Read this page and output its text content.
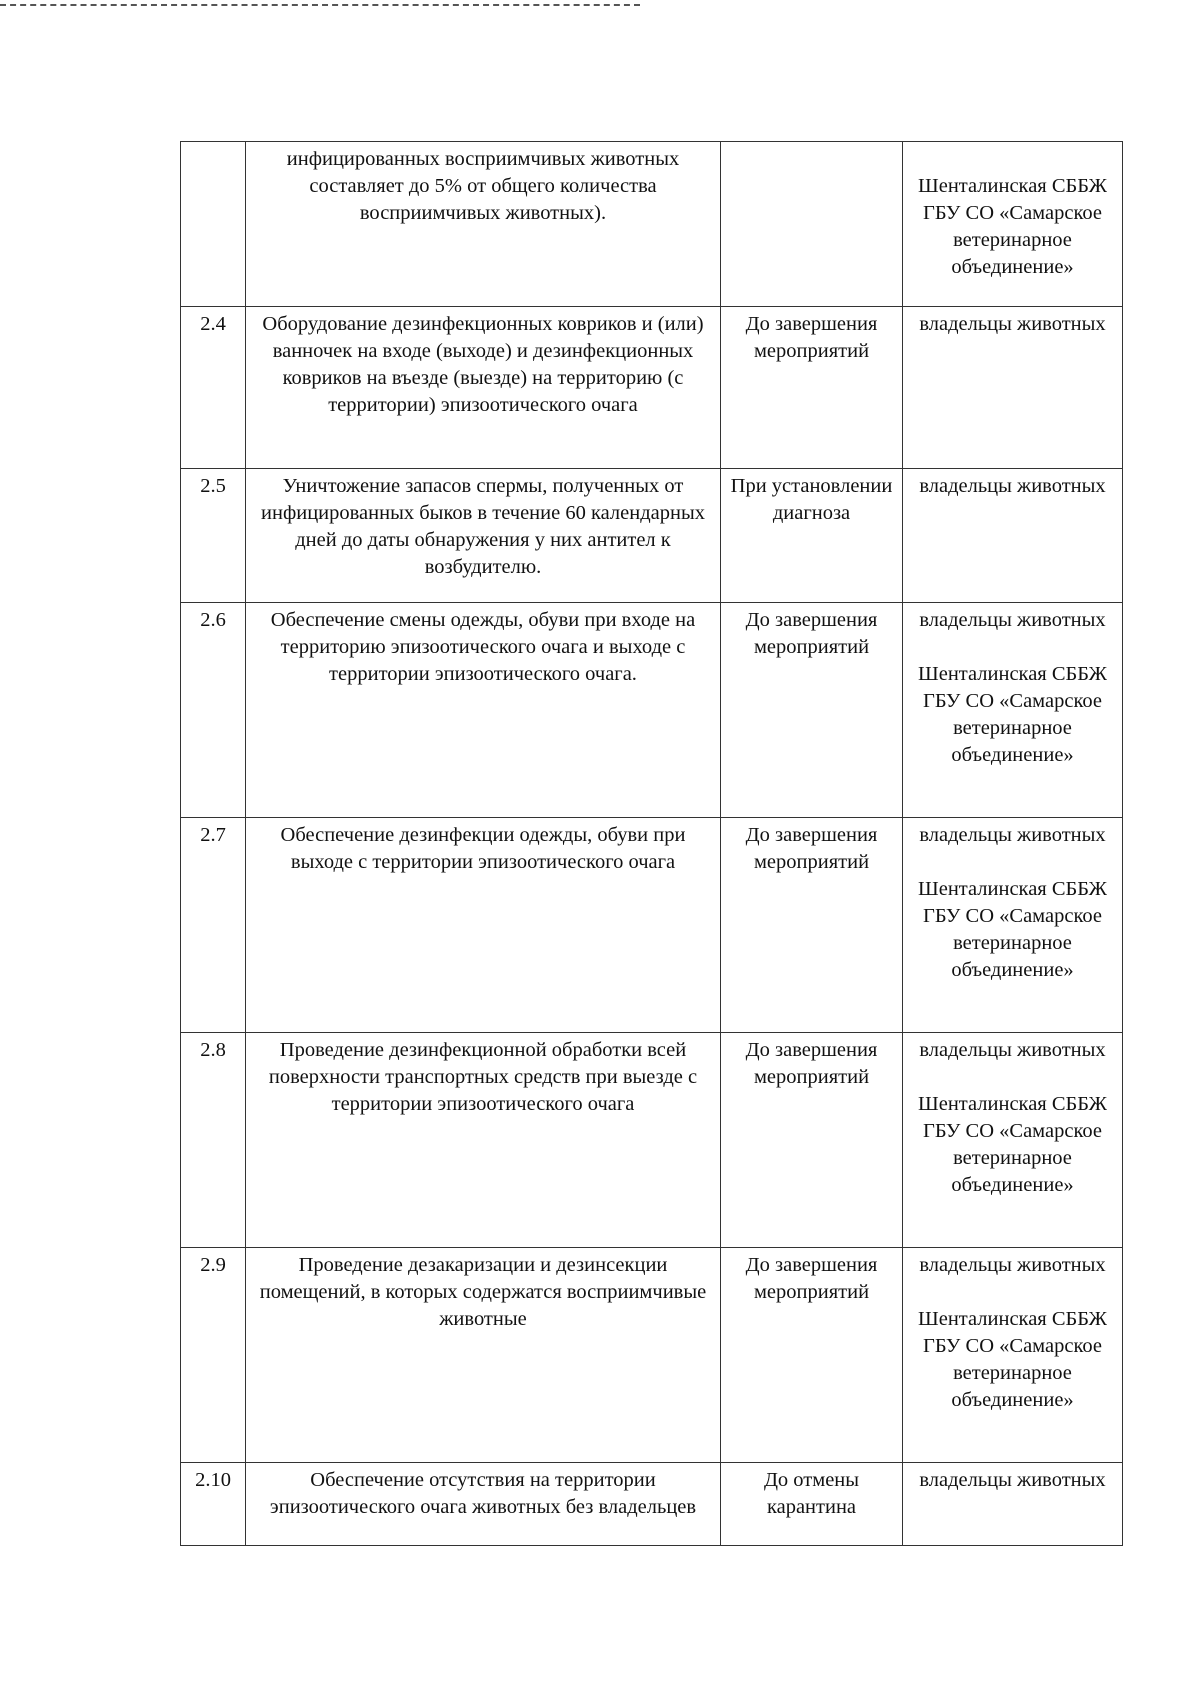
	инфицированных восприимчивых животных составляет до 5% от общего количества восприимчивых животных).		Шенталинская СББЖ ГБУ СО «Самарское ветеринарное объединение»

2.4	Оборудование дезинфекционных ковриков и (или) ванночек на входе (выходе) и дезинфекционных ковриков на въезде (выезде) на территорию (с территории) эпизоотического очага	До завершения мероприятий	владельцы животных

2.5	Уничтожение запасов спермы, полученных от инфицированных быков в течение 60 календарных дней до даты обнаружения у них антител к возбудителю.	При установлении диагноза	владельцы животных

2.6	Обеспечение смены одежды, обуви при входе на территорию эпизоотического очага и выходе с территории эпизоотического очага.	До завершения мероприятий	владельцы животных
Шенталинская СББЖ ГБУ СО «Самарское ветеринарное объединение»

2.7	Обеспечение дезинфекции одежды, обуви при выходе с территории эпизоотического очага	До завершения мероприятий	владельцы животных
Шенталинская СББЖ ГБУ СО «Самарское ветеринарное объединение»

2.8	Проведение дезинфекционной обработки всей поверхности транспортных средств при выезде с территории эпизоотического очага	До завершения мероприятий	владельцы животных
Шенталинская СББЖ ГБУ СО «Самарское ветеринарное объединение»

2.9	Проведение дезакаризации и дезинсекции помещений, в которых содержатся восприимчивые животные	До завершения мероприятий	владельцы животных
Шенталинская СББЖ ГБУ СО «Самарское ветеринарное объединение»

2.10	Обеспечение отсутствия на территории эпизоотического очага животных без владельцев	До отмены карантина	владельцы животных
